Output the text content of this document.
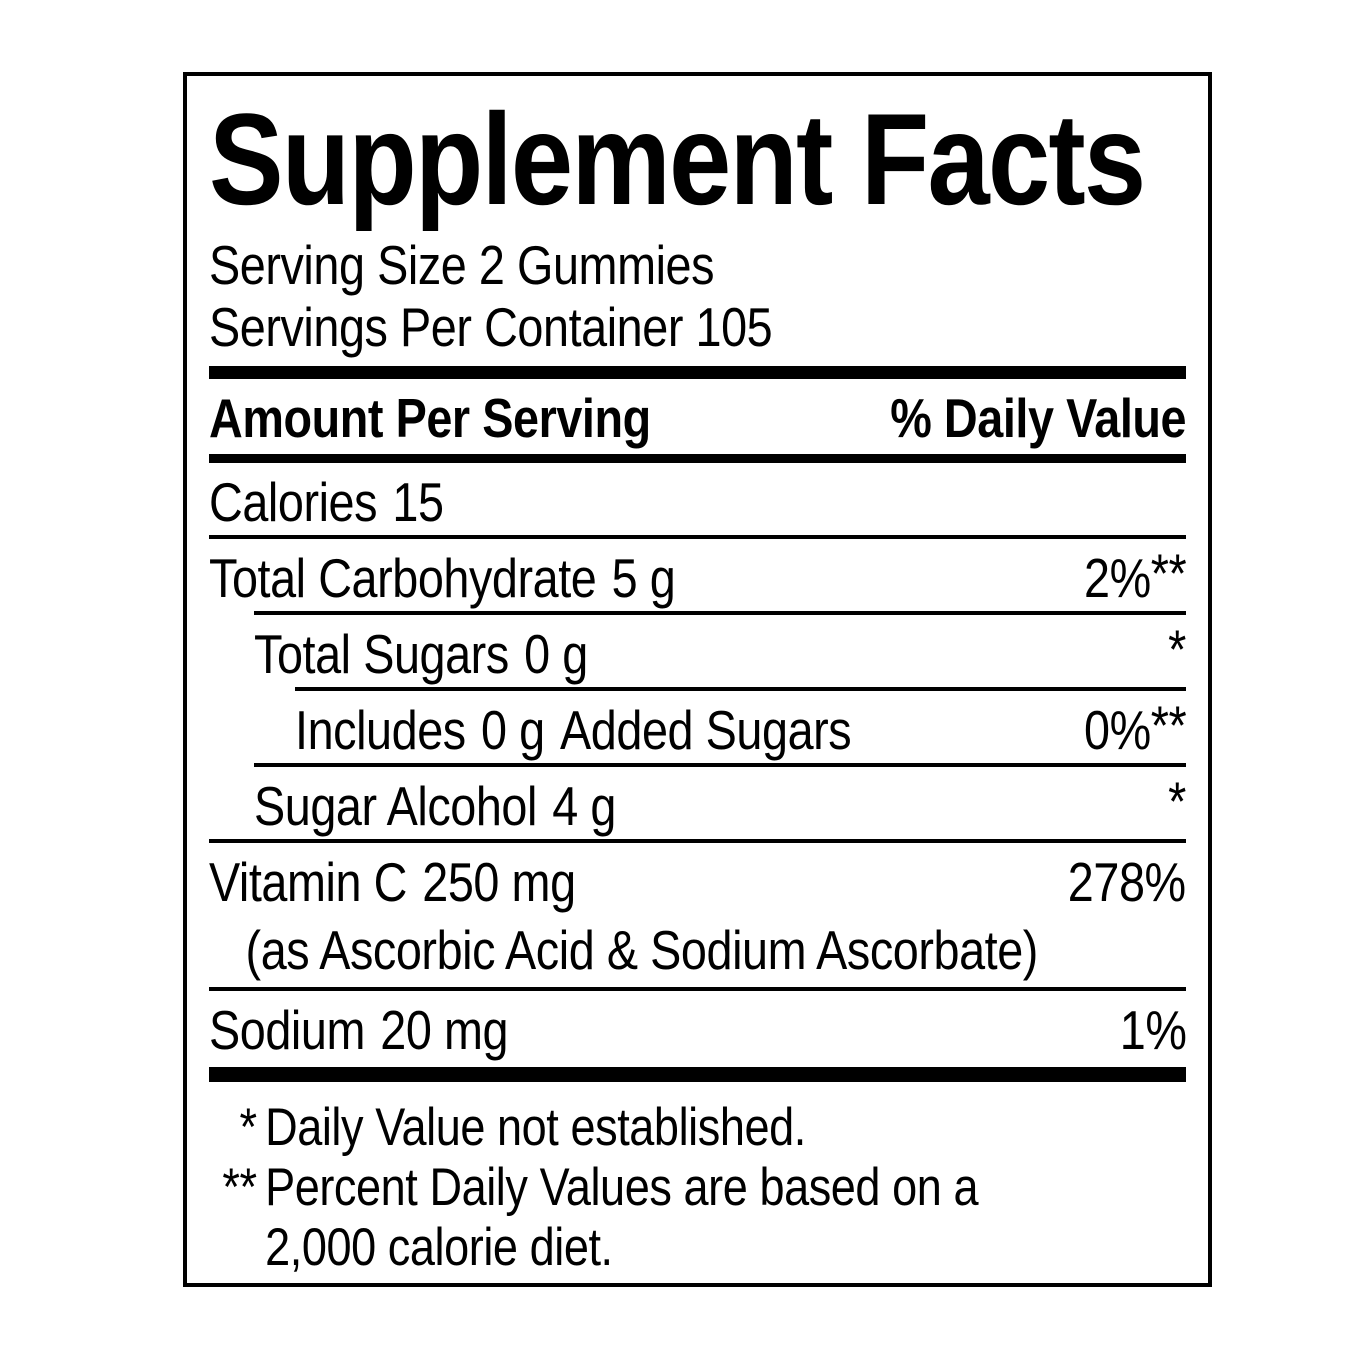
Supplement Facts
Serving Size 2 Gummies
Servings Per Container 105
Amount Per Serving	% Daily Value
Calories 15
Total Carbohydrate 5 g	2%**
Total Sugars 0 g	*
Includes 0 g Added Sugars	0%**
Sugar Alcohol 4 g	*
Vitamin C 250 mg	278%
(as Ascorbic Acid & Sodium Ascorbate)
Sodium 20 mg	1%
* Daily Value not established.
** Percent Daily Values are based on a
2,000 calorie diet.
